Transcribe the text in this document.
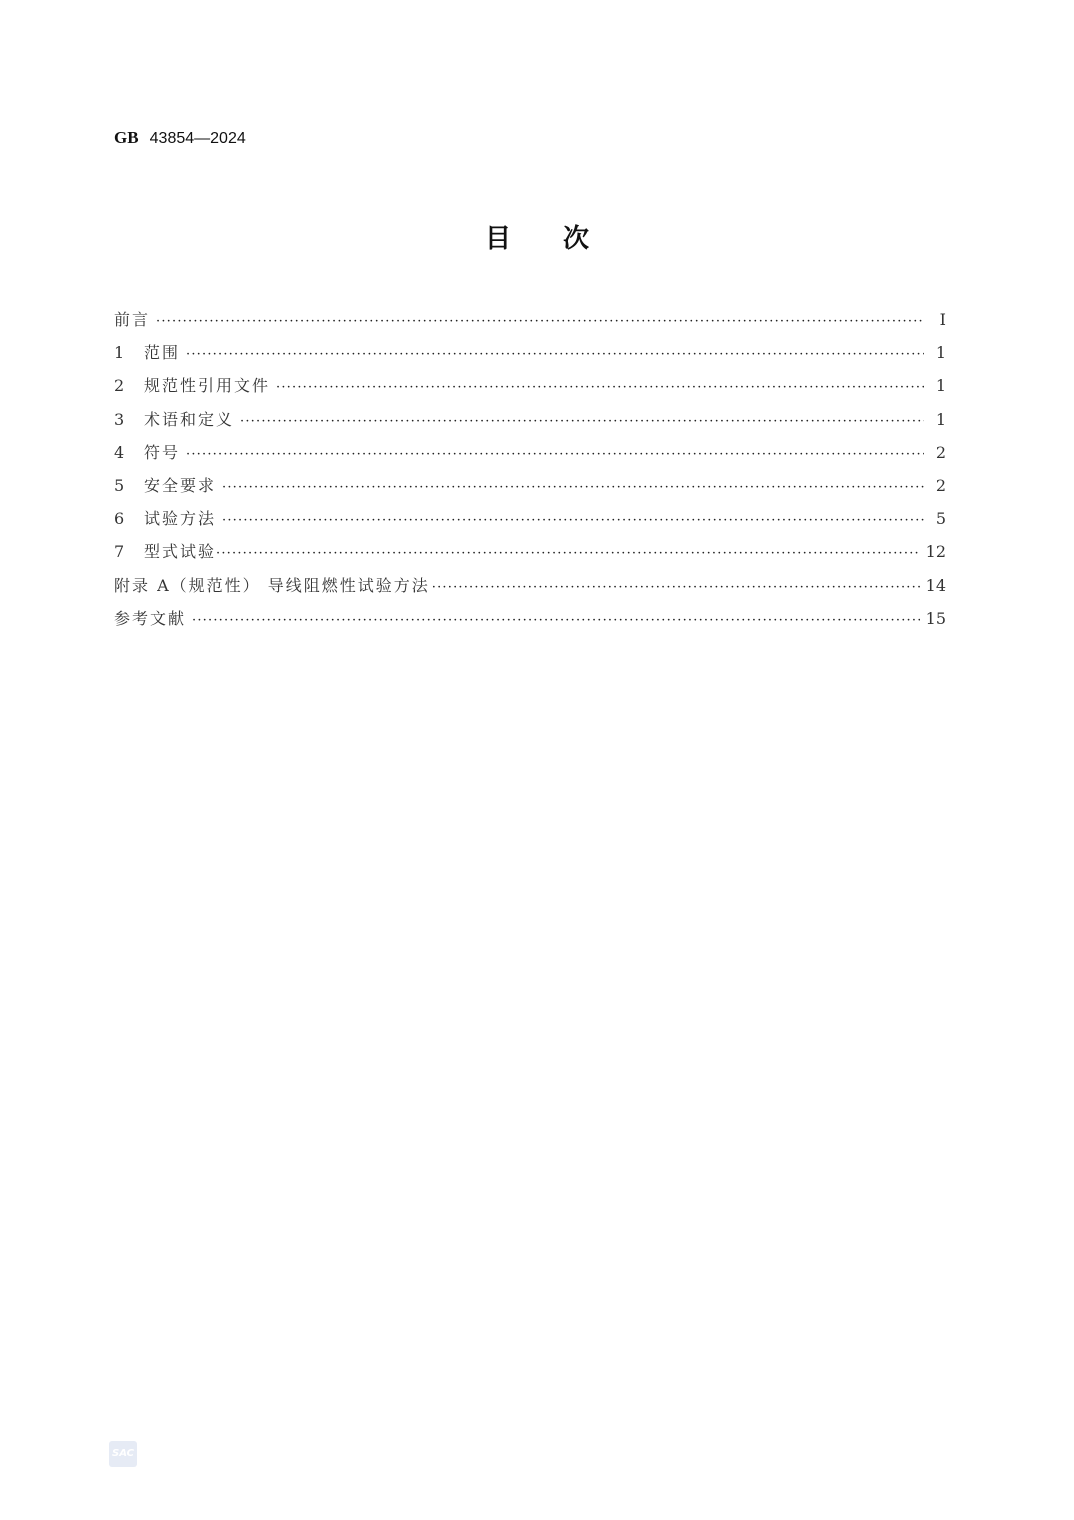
GB 43854—2024
目次
前言 ·····	I
1 范围 ·····	1
2 规范性引用文件 ·····	1
3 术语和定义 ·····	1
4 符号 ·····	2
5 安全要求 ·····	2
6 试验方法 ·····	5
7 型式试验 ·····	12
附录 A（规范性） 导线阻燃性试验方法 ·····	14
参考文献 ·····	15
SAC
